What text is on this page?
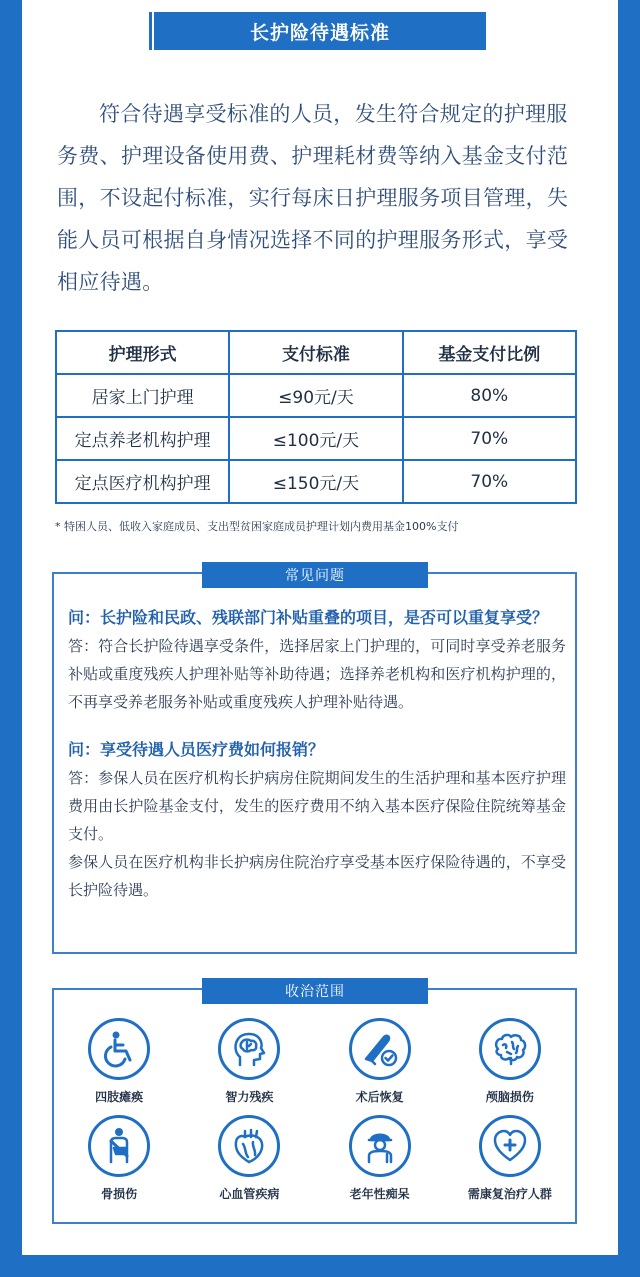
长护险待遇标准

符合待遇享受标准的人员，发生符合规定的护理服务费、护理设备使用费、护理耗材费等纳入基金支付范围，不设起付标准，实行每床日护理服务项目管理，失能人员可根据自身情况选择不同的护理服务形式，享受相应待遇。

护理形式	支付标准	基金支付比例
居家上门护理	≤90元/天	80%
定点养老机构护理	≤100元/天	70%
定点医疗机构护理	≤150元/天	70%
* 特困人员、低收入家庭成员、支出型贫困家庭成员护理计划内费用基金100%支付
常见问题
问：长护险和民政、残联部门补贴重叠的项目，是否可以重复享受？
答：符合长护险待遇享受条件，选择居家上门护理的，可同时享受养老服务补贴或重度残疾人护理补贴等补助待遇；选择养老机构和医疗机构护理的，不再享受养老服务补贴或重度残疾人护理补贴待遇。
问：享受待遇人员医疗费如何报销？
答：参保人员在医疗机构长护病房住院期间发生的生活护理和基本医疗护理费用由长护险基金支付，发生的医疗费用不纳入基本医疗保险住院统筹基金支付。
参保人员在医疗机构非长护病房住院治疗享受基本医疗保险待遇的，不享受长护险待遇。
收治范围
四肢瘫痪	智力残疾	术后恢复	颅脑损伤
骨损伤	心血管疾病	老年性痴呆	需康复治疗人群
